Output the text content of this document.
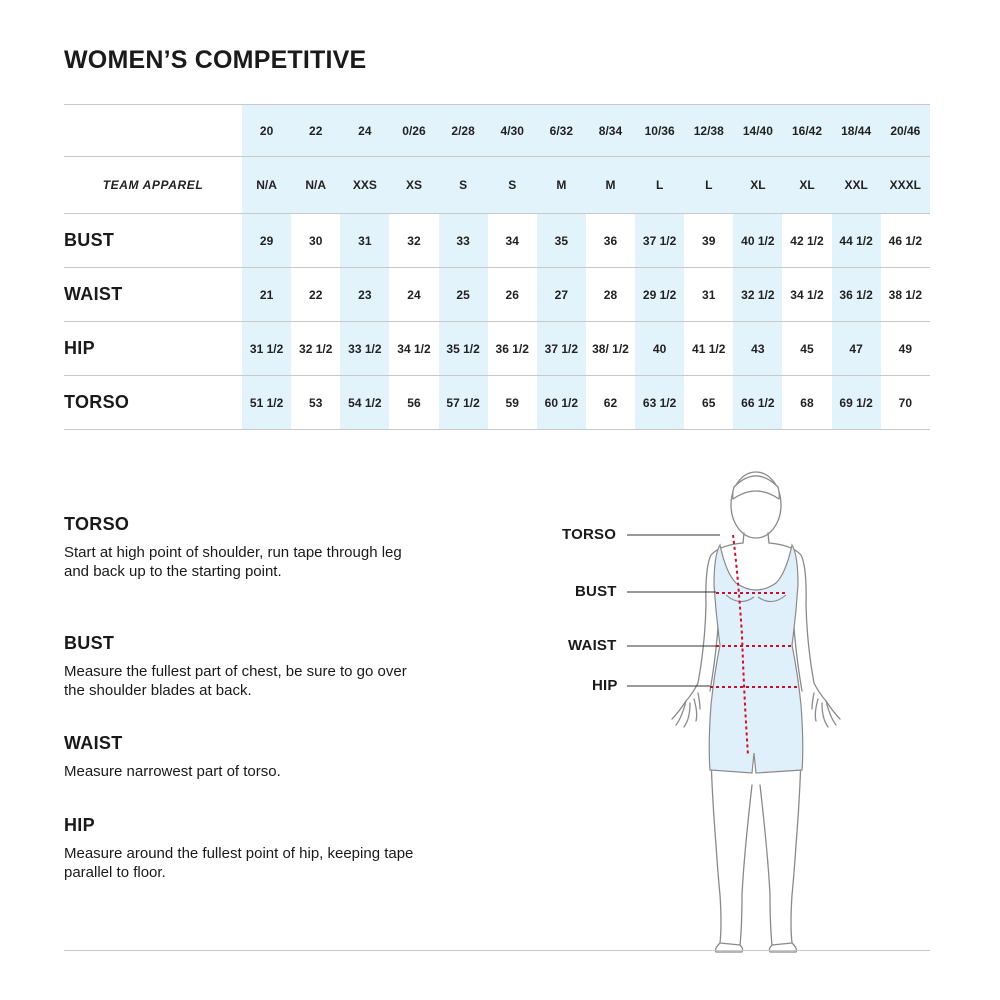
WOMEN’S COMPETITIVE
	20	22	24	0/26	2/28	4/30	6/32	8/34	10/36	12/38	14/40	16/42	18/44	20/46
TEAM APPAREL	N/A	N/A	XXS	XS	S	S	M	M	L	L	XL	XL	XXL	XXXL
BUST	29	30	31	32	33	34	35	36	37 1/2	39	40 1/2	42 1/2	44 1/2	46 1/2
WAIST	21	22	23	24	25	26	27	28	29 1/2	31	32 1/2	34 1/2	36 1/2	38 1/2
HIP	31 1/2	32 1/2	33 1/2	34 1/2	35 1/2	36 1/2	37 1/2	38/ 1/2	40	41 1/2	43	45	47	49
TORSO	51 1/2	53	54 1/2	56	57 1/2	59	60 1/2	62	63 1/2	65	66 1/2	68	69 1/2	70
TORSO

Start at high point of shoulder, run tape through leg and back up to the starting point.

BUST

Measure the fullest part of chest, be sure to go over the shoulder blades at back.

WAIST

Measure narrowest part of torso.

HIP

Measure around the fullest point of hip, keeping tape parallel to floor.

TORSO
BUST
WAIST
HIP
